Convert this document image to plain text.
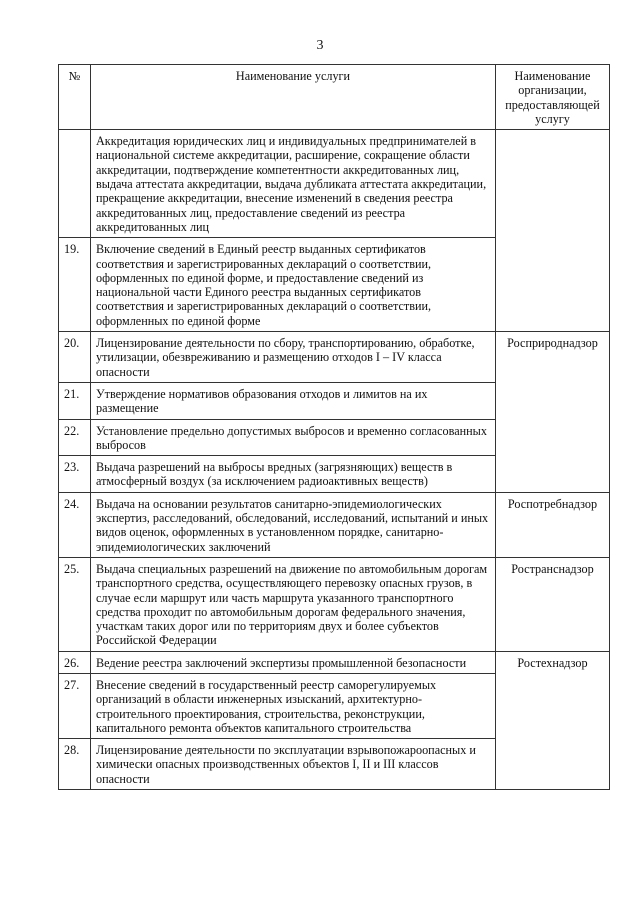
3
№	Наименование услуги	Наименование организации, предоставляющей услугу
	Аккредитация юридических лиц и индивидуальных предпринимателей в национальной системе аккредитации, расширение, сокращение области аккредитации, подтверждение компетентности аккредитованных лиц, выдача аттестата аккредитации, выдача дубликата аттестата аккредитации, прекращение аккредитации, внесение изменений в сведения реестра аккредитованных лиц, предоставление сведений из реестра аккредитованных лиц	
19.	Включение сведений в Единый реестр выданных сертификатов соответствия и зарегистрированных деклараций о соответствии, оформленных по единой форме, и предоставление сведений из национальной части Единого реестра выданных сертификатов соответствия и зарегистрированных деклараций о соответствии, оформленных по единой форме	
20.	Лицензирование деятельности по сбору, транспортированию, обработке, утилизации, обезвреживанию и размещению отходов I – IV класса опасности	Росприроднадзор
21.	Утверждение нормативов образования отходов и лимитов на их размещение	
22.	Установление предельно допустимых выбросов и временно согласованных выбросов	
23.	Выдача разрешений на выбросы вредных (загрязняющих) веществ в атмосферный воздух (за исключением радиоактивных веществ)	
24.	Выдача на основании результатов санитарно-эпидемиологических экспертиз, расследований, обследований, исследований, испытаний и иных видов оценок, оформленных в установленном порядке, санитарно-эпидемиологических заключений	Роспотребнадзор
25.	Выдача специальных разрешений на движение по автомобильным дорогам транспортного средства, осуществляющего перевозку опасных грузов, в случае если маршрут или часть маршрута указанного транспортного средства проходит по автомобильным дорогам федерального значения, участкам таких дорог или по территориям двух и более субъектов Российской Федерации	Ространснадзор
26.	Ведение реестра заключений экспертизы промышленной безопасности	Ростехнадзор
27.	Внесение сведений в государственный реестр саморегулируемых организаций в области инженерных изысканий, архитектурно-строительного проектирования, строительства, реконструкции, капитального ремонта объектов капитального строительства	
28.	Лицензирование деятельности по эксплуатации взрывопожароопасных и химически опасных производственных объектов I, II и III классов опасности	
